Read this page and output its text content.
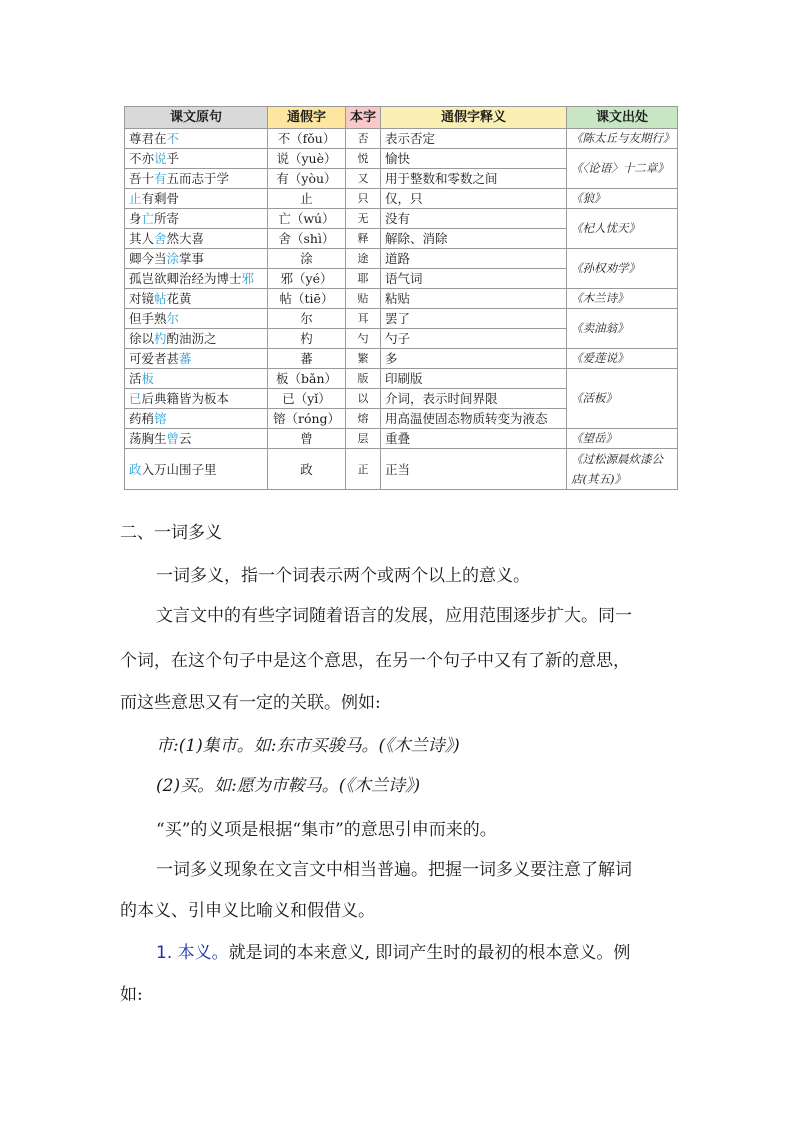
课文原句	通假字	本字	通假字释义	课文出处
尊君在不	不（fǒu）	否	表示否定	《陈太丘与友期行》
不亦说乎	说（yuè）	悦	愉快	《〈论语〉十二章》
吾十有五而志于学	有（yòu）	又	用于整数和零数之间	
止有剩骨	止	只	仅，只	《狼》
身亡所寄	亡（wú）	无	没有	《杞人忧天》
其人舍然大喜	舍（shì）	释	解除、消除	
卿今当涂掌事	涂	途	道路	《孙权劝学》
孤岂欲卿治经为博士邪	邪（yé）	耶	语气词	
对镜帖花黄	帖（tiē）	贴	粘贴	《木兰诗》
但手熟尔	尔	耳	罢了	《卖油翁》
徐以杓酌油沥之	杓	勺	勺子	
可爱者甚蕃	蕃	繁	多	《爱莲说》
活板	板（bǎn）	版	印刷版	《活板》
已后典籍皆为板本	已（yǐ）	以	介词，表示时间界限	
药稍镕	镕（róng）	熔	用高温使固态物质转变为液态	
荡胸生曾云	曾	层	重叠	《望岳》
政入万山围子里	政	正	正当	《过松源晨炊漆公店(其五)》
二、一词多义
一词多义，指一个词表示两个或两个以上的意义。
文言文中的有些字词随着语言的发展，应用范围逐步扩大。同一
个词，在这个句子中是这个意思，在另一个句子中又有了新的意思，
而这些意思又有一定的关联。例如:
市:(1)集市。如:东市买骏马。(《木兰诗》)
(2)买。如:愿为市鞍马。(《木兰诗》)
“买”的义项是根据“集市”的意思引申而来的。
一词多义现象在文言文中相当普遍。把握一词多义要注意了解词
的本义、引申义比喻义和假借义。
1. 本义。就是词的本来意义, 即词产生时的最初的根本意义。例
如:
